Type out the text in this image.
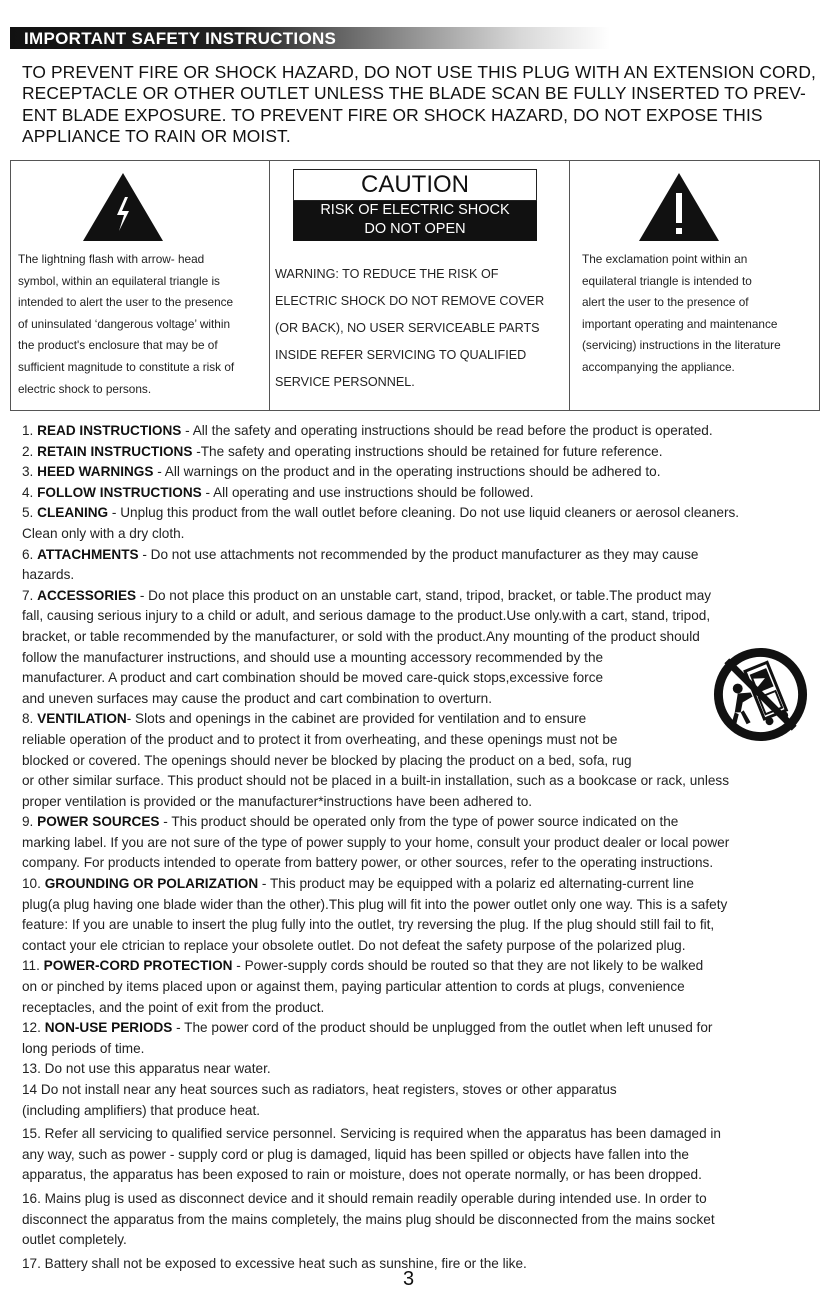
IMPORTANT SAFETY INSTRUCTIONS

TO PREVENT FIRE OR SHOCK HAZARD, DO NOT USE THIS PLUG WITH AN EXTENSION CORD,

RECEPTACLE OR OTHER OUTLET UNLESS THE BLADE SCAN BE FULLY INSERTED TO PREV-

ENT BLADE EXPOSURE. TO PREVENT FIRE OR SHOCK HAZARD, DO NOT EXPOSE THIS

APPLIANCE TO RAIN OR MOIST.

The lightning flash with arrow- head

symbol, within an equilateral triangle is

intended to alert the user to the presence

of uninsulated ‘dangerous voltage’ within

the product's enclosure that may be of

sufficient magnitude to constitute a risk of

electric shock to persons.

CAUTION
RISK OF ELECTRIC SHOCK
DO NOT OPEN

WARNING: TO REDUCE THE RISK OF

ELECTRIC SHOCK DO NOT REMOVE COVER

(OR BACK), NO USER SERVICEABLE PARTS

INSIDE REFER SERVICING TO QUALIFIED

SERVICE PERSONNEL.

The exclamation point within an

equilateral triangle is intended to

alert the user to the presence of

important operating and maintenance

(servicing) instructions in the literature

accompanying the appliance.

1. READ INSTRUCTIONS - All the safety and operating instructions should be read before the product is operated.

2. RETAIN INSTRUCTIONS -The safety and operating instructions should be retained for future reference.

3. HEED WARNINGS - All warnings on the product and in the operating instructions should be adhered to.

4. FOLLOW INSTRUCTIONS - All operating and use instructions should be followed.

5. CLEANING - Unplug this product from the wall outlet before cleaning. Do not use liquid cleaners or aerosol cleaners.

Clean only with a dry cloth.

6. ATTACHMENTS - Do not use attachments not recommended by the product manufacturer as they may cause

hazards.

7. ACCESSORIES - Do not place this product on an unstable cart, stand, tripod, bracket, or table.The product may

fall, causing serious injury to a child or adult, and serious damage to the product.Use only.with a cart, stand, tripod,

bracket, or table recommended by the manufacturer, or sold with the product.Any mounting of the product should

follow the manufacturer instructions, and should use a mounting accessory recommended by the

manufacturer. A product and cart combination should be moved care-quick stops,excessive force

and uneven surfaces may cause the product and cart combination to overturn.

8. VENTILATION- Slots and openings in the cabinet are provided for ventilation and to ensure

reliable operation of the product and to protect it from overheating, and these openings must not be

blocked or covered. The openings should never be blocked by placing the product on a bed, sofa, rug

or other similar surface. This product should not be placed in a built-in installation, such as a bookcase or rack, unless

proper ventilation is provided or the manufacturer*instructions have been adhered to.

9. POWER SOURCES - This product should be operated only from the type of power source indicated on the

marking label. If you are not sure of the type of power supply to your home, consult your product dealer or local power

company. For products intended to operate from battery power, or other sources, refer to the operating instructions.

10. GROUNDING OR POLARIZATION - This product may be equipped with a polariz ed alternating-current line

plug(a plug having one blade wider than the other).This plug will fit into the power outlet only one way. This is a safety

feature: If you are unable to insert the plug fully into the outlet, try reversing the plug. If the plug should still fail to fit,

contact your ele ctrician to replace your obsolete outlet. Do not defeat the safety purpose of the polarized plug.

11. POWER-CORD PROTECTION - Power-supply cords should be routed so that they are not likely to be walked

on or pinched by items placed upon or against them, paying particular attention to cords at plugs, convenience

receptacles, and the point of exit from the product.

12. NON-USE PERIODS - The power cord of the product should be unplugged from the outlet when left unused for

long periods of time.

13. Do not use this apparatus near water.

14 Do not install near any heat sources such as radiators, heat registers, stoves or other apparatus

(including amplifiers) that produce heat.

15. Refer all servicing to qualified service personnel. Servicing is required when the apparatus has been damaged in

any way, such as power - supply cord or plug is damaged, liquid has been spilled or objects have fallen into the

apparatus, the apparatus has been exposed to rain or moisture, does not operate normally, or has been dropped.

16. Mains plug is used as disconnect device and it should remain readily operable during intended use. In order to

disconnect the apparatus from the mains completely, the mains plug should be disconnected from the mains socket

outlet completely.

17. Battery shall not be exposed to excessive heat such as sunshine, fire or the like.

3
